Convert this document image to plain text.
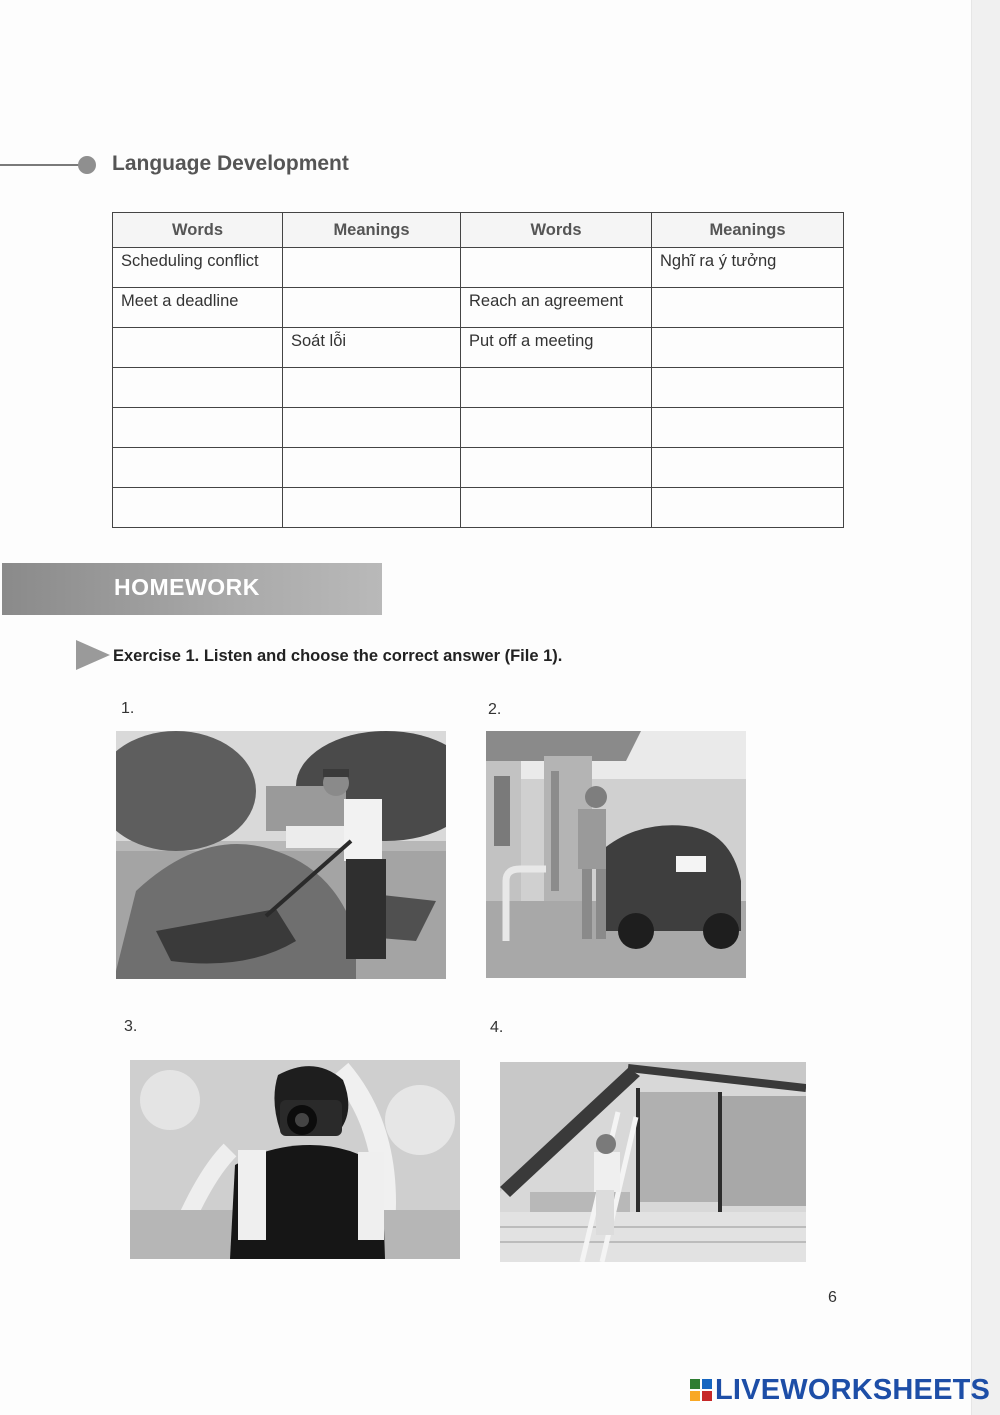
Language Development
Words	Meanings	Words	Meanings
Scheduling conflict			Nghĩ ra ý tưởng
Meet a deadline		Reach an agreement	
	Soát lỗi	Put off a meeting	

HOMEWORK
Exercise 1. Listen and choose the correct answer (File 1).
1.	2.
3.	4.
6
LIVEWORKSHEETS
